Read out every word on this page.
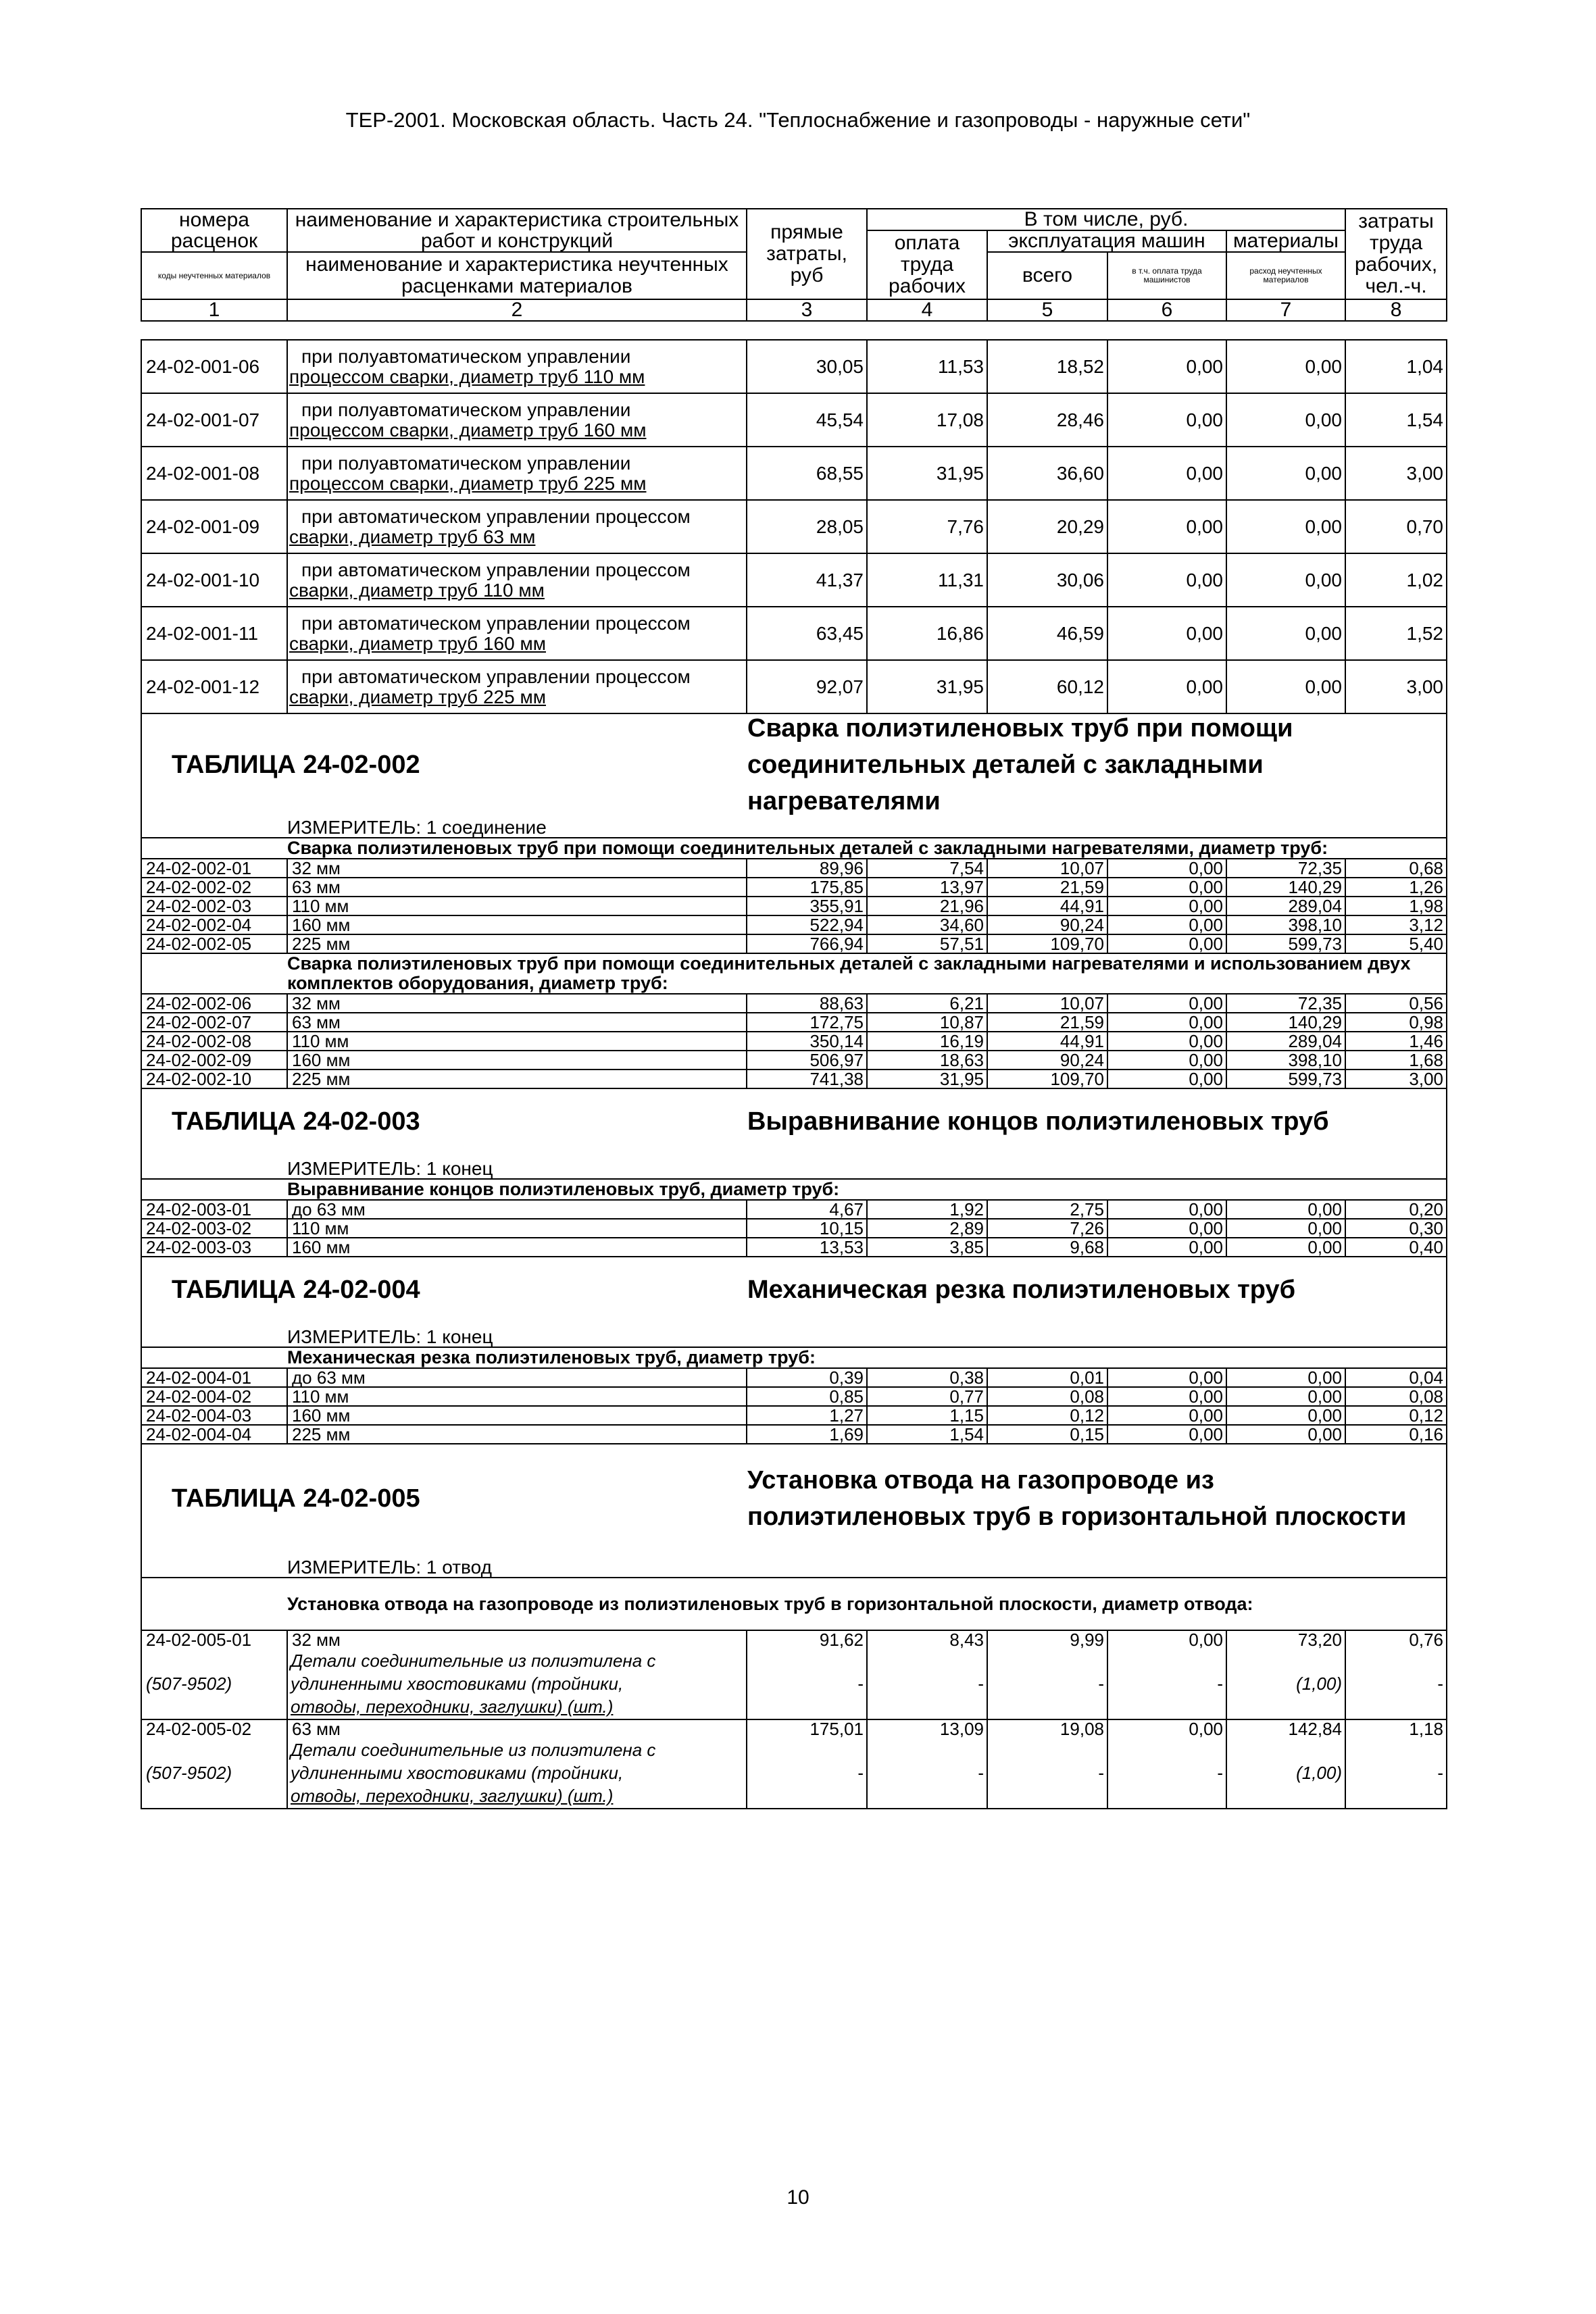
ТЕР-2001. Московская область. Часть 24. "Теплоснабжение и газопроводы - наружные сети"
номера	наименование и характеристика строительных	прямые затраты, руб	В том числе, руб.				затраты труда рабочих, чел.-ч.
расценок	работ и конструкций		оплата труда рабочих	эксплуатация машин		материалы	
коды неучтенных материалов	наименование и характеристика неучтенных
расценками материалов			всего	в т.ч. оплата труда машинистов	расход неучтенных материалов	
1	2	3	4	5	6	7	8
24-02-001-06	при полуавтоматическом управлении
процессом сварки, диаметр труб 110 мм	30,05	11,53	18,52	0,00	0,00	1,04
24-02-001-07	при полуавтоматическом управлении
процессом сварки, диаметр труб 160 мм	45,54	17,08	28,46	0,00	0,00	1,54
24-02-001-08	при полуавтоматическом управлении
процессом сварки, диаметр труб 225 мм	68,55	31,95	36,60	0,00	0,00	3,00
24-02-001-09	при автоматическом управлении процессом
сварки, диаметр труб 63 мм	28,05	7,76	20,29	0,00	0,00	0,70
24-02-001-10	при автоматическом управлении процессом
сварки, диаметр труб 110 мм	41,37	11,31	30,06	0,00	0,00	1,02
24-02-001-11	при автоматическом управлении процессом
сварки, диаметр труб 160 мм	63,45	16,86	46,59	0,00	0,00	1,52
24-02-001-12	при автоматическом управлении процессом
сварки, диаметр труб 225 мм	92,07	31,95	60,12	0,00	0,00	3,00

ТАБЛИЦА 24-02-002
Сварка полиэтиленовых труб при помощи соединительных деталей с закладными нагревателями							

	ИЗМЕРИТЕЛЬ: 1 соединение						
	Сварка полиэтиленовых труб при помощи соединительных деталей с закладными нагревателями, диаметр труб:						
24-02-002-01	32 мм	89,96	7,54	10,07	0,00	72,35	0,68
24-02-002-02	63 мм	175,85	13,97	21,59	0,00	140,29	1,26
24-02-002-03	110 мм	355,91	21,96	44,91	0,00	289,04	1,98
24-02-002-04	160 мм	522,94	34,60	90,24	0,00	398,10	3,12
24-02-002-05	225 мм	766,94	57,51	109,70	0,00	599,73	5,40
	Сварка полиэтиленовых труб при помощи соединительных деталей с закладными нагревателями и использованием двух комплектов оборудования, диаметр труб:						
24-02-002-06	32 мм	88,63	6,21	10,07	0,00	72,35	0,56
24-02-002-07	63 мм	172,75	10,87	21,59	0,00	140,29	0,98
24-02-002-08	110 мм	350,14	16,19	44,91	0,00	289,04	1,46
24-02-002-09	160 мм	506,97	18,63	90,24	0,00	398,10	1,68
24-02-002-10	225 мм	741,38	31,95	109,70	0,00	599,73	3,00

ТАБЛИЦА 24-02-003 Выравнивание концов полиэтиленовых труб							

	ИЗМЕРИТЕЛЬ: 1 конец						
	Выравнивание концов полиэтиленовых труб, диаметр труб:						
24-02-003-01	до 63 мм	4,67	1,92	2,75	0,00	0,00	0,20
24-02-003-02	110 мм	10,15	2,89	7,26	0,00	0,00	0,30
24-02-003-03	160 мм	13,53	3,85	9,68	0,00	0,00	0,40

ТАБЛИЦА 24-02-004 Механическая резка полиэтиленовых труб							

	ИЗМЕРИТЕЛЬ: 1 конец						
	Механическая резка полиэтиленовых труб, диаметр труб:						
24-02-004-01	до 63 мм	0,39	0,38	0,01	0,00	0,00	0,04
24-02-004-02	110 мм	0,85	0,77	0,08	0,00	0,00	0,08
24-02-004-03	160 мм	1,27	1,15	0,12	0,00	0,00	0,12
24-02-004-04	225 мм	1,69	1,54	0,15	0,00	0,00	0,16

ТАБЛИЦА 24-02-005
Установка отвода на газопроводе из полиэтиленовых труб в горизонтальной плоскости							

	ИЗМЕРИТЕЛЬ: 1 отвод						
	Установка отвода на газопроводе из полиэтиленовых труб в горизонтальной плоскости, диаметр отвода:						
24-02-005-01	32 мм	91,62	8,43	9,99	0,00	73,20	0,76
(507-9502)	Детали соединительные из полиэтилена с
удлиненными хвостовиками (тройники,
отводы, переходники, заглушки) (шт.)	-	-	-	-	(1,00)	-
24-02-005-02	63 мм	175,01	13,09	19,08	0,00	142,84	1,18
(507-9502)	Детали соединительные из полиэтилена с
удлиненными хвостовиками (тройники,
отводы, переходники, заглушки) (шт.)	-	-	-	-	(1,00)	-
10
